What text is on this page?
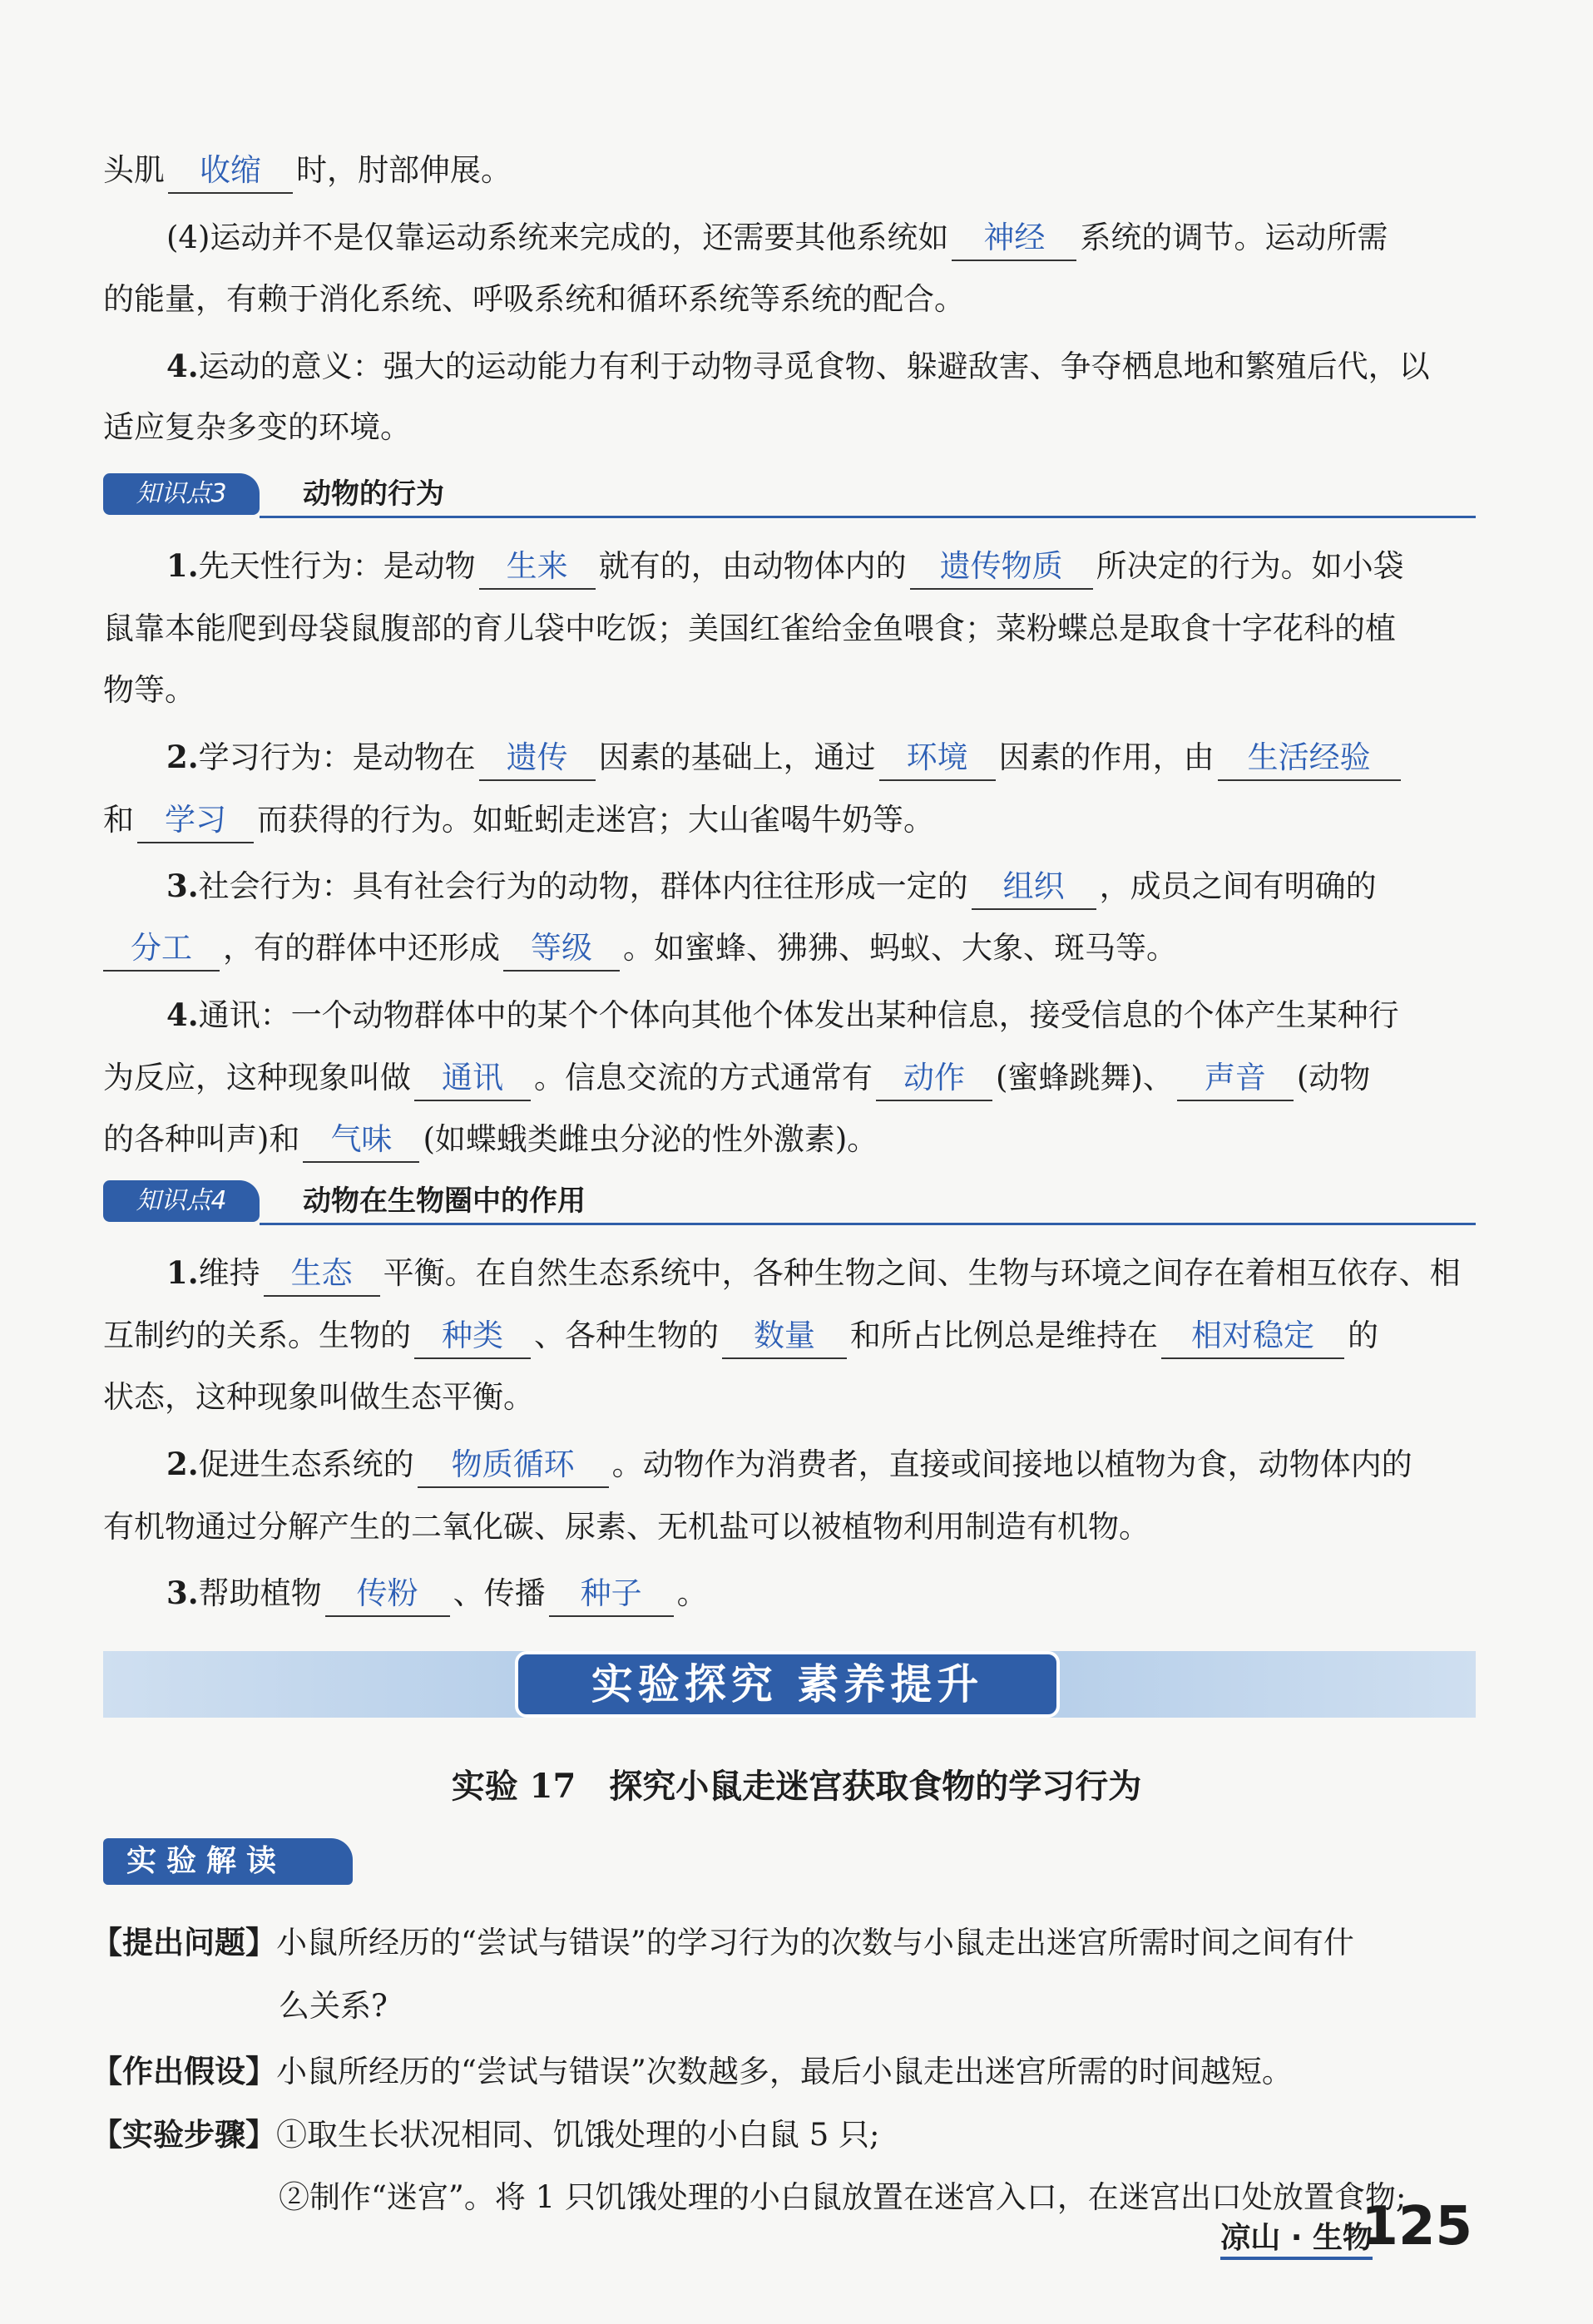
头肌 收缩 时，肘部伸展。
(4)运动并不是仅靠运动系统来完成的，还需要其他系统如 神经 系统的调节。运动所需
的能量，有赖于消化系统、呼吸系统和循环系统等系统的配合。
4.运动的意义：强大的运动能力有利于动物寻觅食物、躲避敌害、争夺栖息地和繁殖后代，以
适应复杂多变的环境。
知识点3	动物的行为
1.先天性行为：是动物 生来 就有的，由动物体内的 遗传物质 所决定的行为。如小袋
鼠靠本能爬到母袋鼠腹部的育儿袋中吃饭；美国红雀给金鱼喂食；菜粉蝶总是取食十字花科的植
物等。
2.学习行为：是动物在 遗传 因素的基础上，通过 环境 因素的作用，由 生活经验
和 学习 而获得的行为。如蚯蚓走迷宫；大山雀喝牛奶等。
3.社会行为：具有社会行为的动物，群体内往往形成一定的 组织 ，成员之间有明确的
分工 ，有的群体中还形成 等级 。如蜜蜂、狒狒、蚂蚁、大象、斑马等。
4.通讯：一个动物群体中的某个个体向其他个体发出某种信息，接受信息的个体产生某种行
为反应，这种现象叫做 通讯 。信息交流的方式通常有 动作 (蜜蜂跳舞)、 声音 (动物
的各种叫声)和 气味 (如蝶蛾类雌虫分泌的性外激素)。
知识点4	动物在生物圈中的作用
1.维持 生态 平衡。在自然生态系统中，各种生物之间、生物与环境之间存在着相互依存、相
互制约的关系。生物的 种类 、各种生物的 数量 和所占比例总是维持在 相对稳定 的
状态，这种现象叫做生态平衡。
2.促进生态系统的 物质循环 。动物作为消费者，直接或间接地以植物为食，动物体内的
有机物通过分解产生的二氧化碳、尿素、无机盐可以被植物利用制造有机物。
3.帮助植物 传粉 、传播 种子 。
实验探究 素养提升
实验 17　探究小鼠走迷宫获取食物的学习行为
实验解读
【提出问题】小鼠所经历的“尝试与错误”的学习行为的次数与小鼠走出迷宫所需时间之间有什
么关系?
【作出假设】小鼠所经历的“尝试与错误”次数越多，最后小鼠走出迷宫所需的时间越短。
【实验步骤】①取生长状况相同、饥饿处理的小白鼠 5 只;
②制作“迷宫”。将 1 只饥饿处理的小白鼠放置在迷宫入口，在迷宫出口处放置食物;
凉山 · 生物
125
